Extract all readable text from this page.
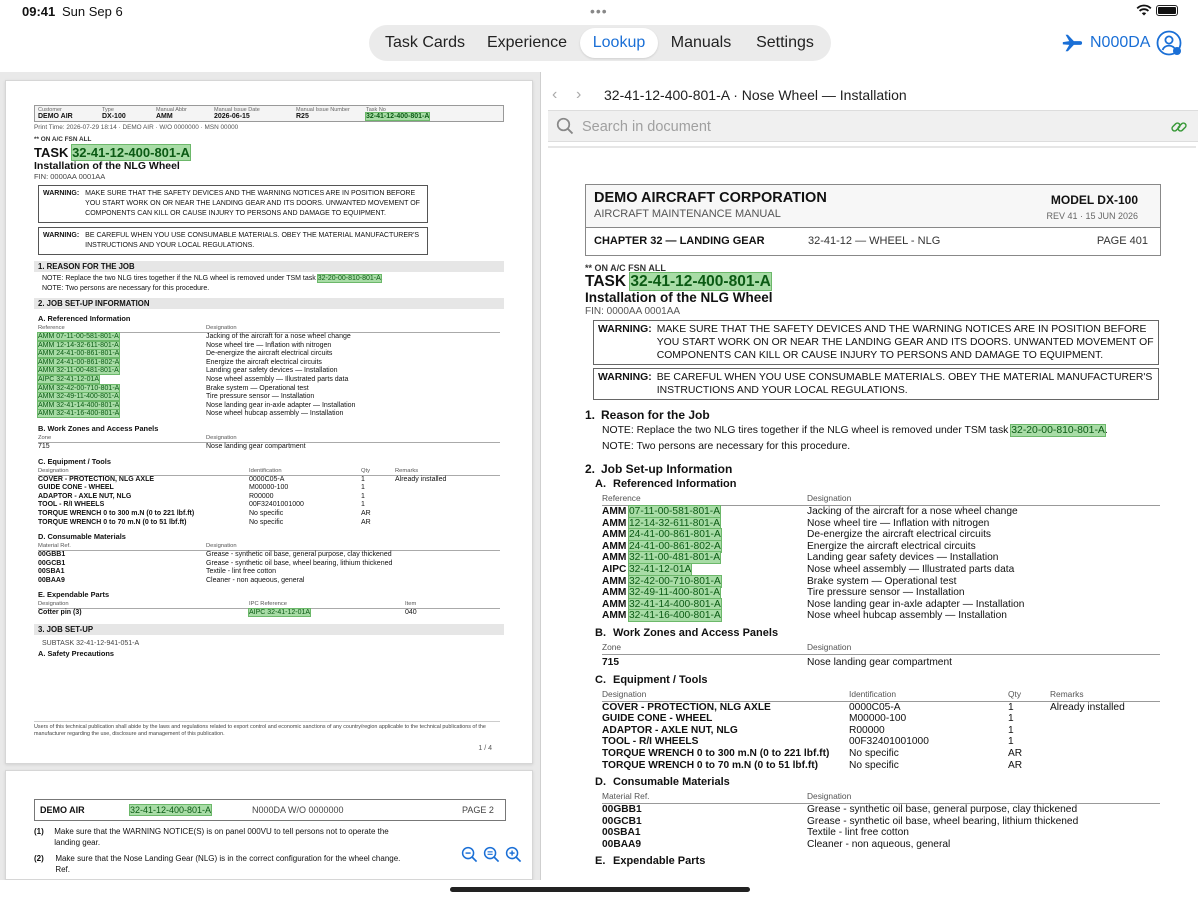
09:41 Sun Sep 6	•••
Task Cards	Experience	Lookup	Manuals	Settings	N000DA
Customer
DEMO AIR
Type
DX-100
Manual Abbr
AMM
Manual Issue Date
2026-06-15
Manual Issue Number
R25
Task No
32-41-12-400-801-A
Print Time: 2026-07-29 18:14 · DEMO AIR · W/O 0000000 · MSN 00000
** ON A/C FSN ALL
TASK 32-41-12-400-801-A
Installation of the NLG Wheel
FIN: 0000AA 0001AA
WARNING: MAKE SURE THAT THE SAFETY DEVICES AND THE WARNING NOTICES ARE IN POSITION BEFORE YOU START WORK ON OR NEAR THE LANDING GEAR AND ITS DOORS. UNWANTED MOVEMENT OF COMPONENTS CAN KILL OR CAUSE INJURY TO PERSONS AND DAMAGE TO EQUIPMENT.
WARNING: BE CAREFUL WHEN YOU USE CONSUMABLE MATERIALS. OBEY THE MATERIAL MANUFACTURER'S INSTRUCTIONS AND YOUR LOCAL REGULATIONS.
1. REASON FOR THE JOB
NOTE: Replace the two NLG tires together if the NLG wheel is removed under TSM task 32-20-00-810-801-A.
NOTE: Two persons are necessary for this procedure.
2. JOB SET-UP INFORMATION
A. Referenced Information
Reference	Designation
AMM 07-11-00-581-801-A	Jacking of the aircraft for a nose wheel change
AMM 12-14-32-611-801-A	Nose wheel tire — Inflation with nitrogen
AMM 24-41-00-861-801-A	De-energize the aircraft electrical circuits
AMM 24-41-00-861-802-A	Energize the aircraft electrical circuits
AMM 32-11-00-481-801-A	Landing gear safety devices — Installation
AIPC 32-41-12-01A	Nose wheel assembly — Illustrated parts data
AMM 32-42-00-710-801-A	Brake system — Operational test
AMM 32-49-11-400-801-A	Tire pressure sensor — Installation
AMM 32-41-14-400-801-A	Nose landing gear in-axle adapter — Installation
AMM 32-41-16-400-801-A	Nose wheel hubcap assembly — Installation
B. Work Zones and Access Panels
Zone	Designation
715	Nose landing gear compartment
C. Equipment / Tools
Designation	Identification	Qty	Remarks
COVER - PROTECTION, NLG AXLE	0000C05-A	1	Already installed
GUIDE CONE - WHEEL	M00000-100	1
ADAPTOR - AXLE NUT, NLG	R00000	1
TOOL - R/I WHEELS	00F32401001000	1
TORQUE WRENCH 0 to 300 m.N (0 to 221 lbf.ft)	No specific	AR
TORQUE WRENCH 0 to 70 m.N (0 to 51 lbf.ft)	No specific	AR
D. Consumable Materials
Material Ref.	Designation
00GBB1	Grease - synthetic oil base, general purpose, clay thickened
00GCB1	Grease - synthetic oil base, wheel bearing, lithium thickened
00SBA1	Textile - lint free cotton
00BAA9	Cleaner - non aqueous, general
E. Expendable Parts
Designation	IPC Reference	Item
Cotter pin (3)	AIPC 32-41-12-01A	040
3. JOB SET-UP
SUBTASK 32-41-12-941-051-A
A. Safety Precautions
Users of this technical publication shall abide by the laws and regulations related to export control and economic sanctions of any country/region applicable to the technical publications of the manufacturer regarding the use, disclosure and management of this publication.
1 / 4
DEMO AIR	32-41-12-400-801-A	N000DA W/O 0000000	PAGE 2
(1)	Make sure that the WARNING NOTICE(S) is on panel 000VU to tell persons not to operate the landing gear.
(2)	Make sure that the Nose Landing Gear (NLG) is in the correct configuration for the wheel change. Ref.
‹	›	32-41-12-400-801-A · Nose Wheel — Installation
Search in document
DEMO AIRCRAFT CORPORATION
AIRCRAFT MAINTENANCE MANUAL
MODEL DX-100
REV 41 · 15 JUN 2026
CHAPTER 32 — LANDING GEAR	32-41-12 — WHEEL - NLG	PAGE 401
** ON A/C FSN ALL
TASK 32-41-12-400-801-A
Installation of the NLG Wheel
FIN: 0000AA 0001AA
WARNING: MAKE SURE THAT THE SAFETY DEVICES AND THE WARNING NOTICES ARE IN POSITION BEFORE YOU START WORK ON OR NEAR THE LANDING GEAR AND ITS DOORS. UNWANTED MOVEMENT OF COMPONENTS CAN KILL OR CAUSE INJURY TO PERSONS AND DAMAGE TO EQUIPMENT.
WARNING: BE CAREFUL WHEN YOU USE CONSUMABLE MATERIALS. OBEY THE MATERIAL MANUFACTURER'S INSTRUCTIONS AND YOUR LOCAL REGULATIONS.
1. Reason for the Job
NOTE: Replace the two NLG tires together if the NLG wheel is removed under TSM task 32-20-00-810-801-A.
NOTE: Two persons are necessary for this procedure.
2. Job Set-up Information
A. Referenced Information
Reference	Designation
AMM 07-11-00-581-801-A	Jacking of the aircraft for a nose wheel change
AMM 12-14-32-611-801-A	Nose wheel tire — Inflation with nitrogen
AMM 24-41-00-861-801-A	De-energize the aircraft electrical circuits
AMM 24-41-00-861-802-A	Energize the aircraft electrical circuits
AMM 32-11-00-481-801-A	Landing gear safety devices — Installation
AIPC 32-41-12-01A	Nose wheel assembly — Illustrated parts data
AMM 32-42-00-710-801-A	Brake system — Operational test
AMM 32-49-11-400-801-A	Tire pressure sensor — Installation
AMM 32-41-14-400-801-A	Nose landing gear in-axle adapter — Installation
AMM 32-41-16-400-801-A	Nose wheel hubcap assembly — Installation
B. Work Zones and Access Panels
Zone	Designation
715	Nose landing gear compartment
C. Equipment / Tools
Designation	Identification	Qty	Remarks
COVER - PROTECTION, NLG AXLE	0000C05-A	1	Already installed
GUIDE CONE - WHEEL	M00000-100	1
ADAPTOR - AXLE NUT, NLG	R00000	1
TOOL - R/I WHEELS	00F32401001000	1
TORQUE WRENCH 0 to 300 m.N (0 to 221 lbf.ft)	No specific	AR
TORQUE WRENCH 0 to 70 m.N (0 to 51 lbf.ft)	No specific	AR
D. Consumable Materials
Material Ref.	Designation
00GBB1	Grease - synthetic oil base, general purpose, clay thickened
00GCB1	Grease - synthetic oil base, wheel bearing, lithium thickened
00SBA1	Textile - lint free cotton
00BAA9	Cleaner - non aqueous, general
E. Expendable Parts
